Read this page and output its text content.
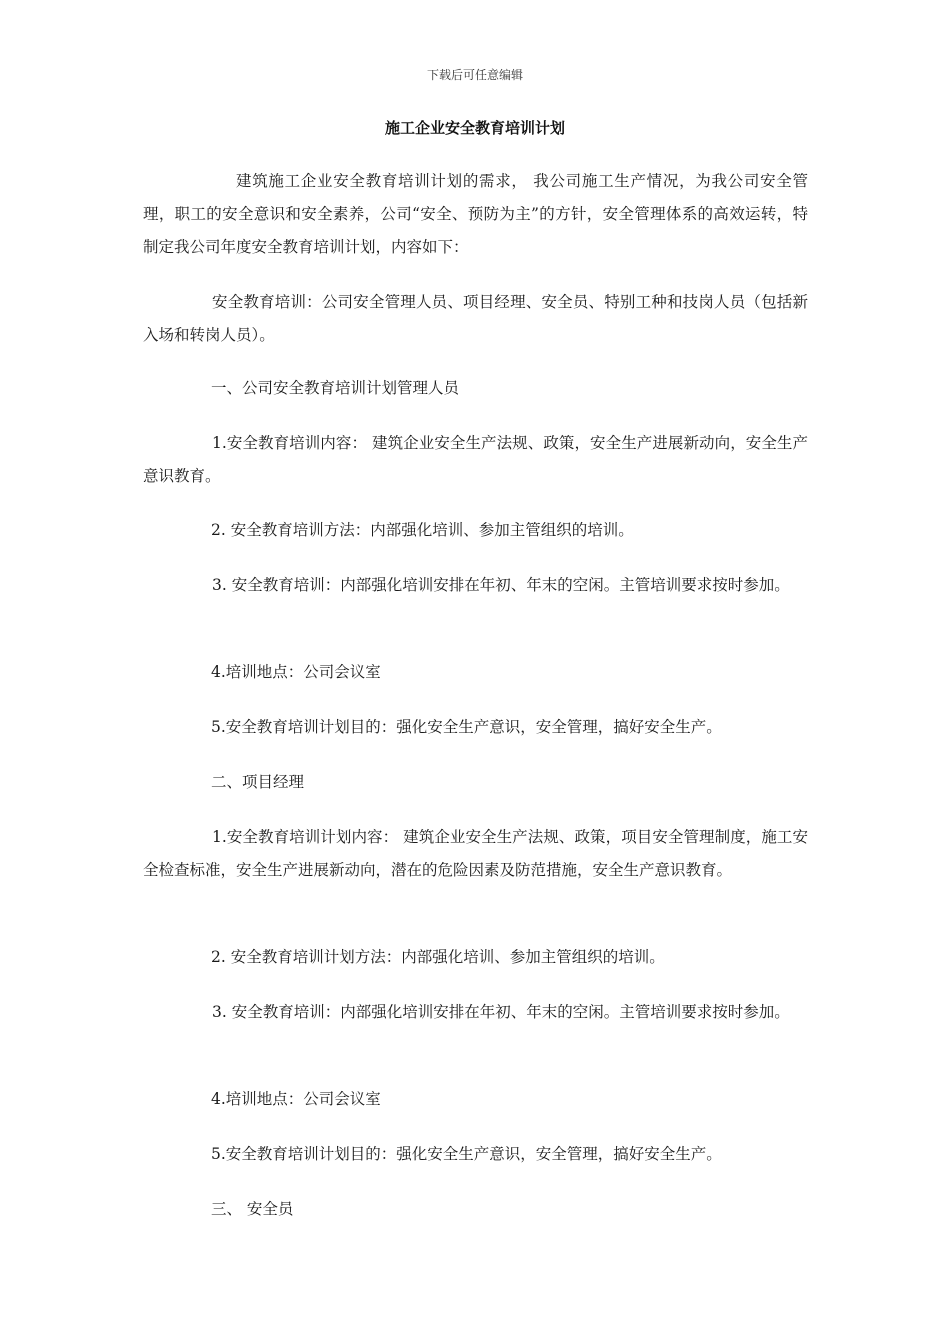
下载后可任意编辑
施工企业安全教育培训计划

建筑施工企业安全教育培训计划的需求， 我公司施工生产情况，为我公司安全管理，职工的安全意识和安全素养，公司“安全、预防为主”的方针，安全管理体系的高效运转，特制定我公司年度安全教育培训计划，内容如下：

安全教育培训：公司安全管理人员、项目经理、安全员、特别工种和技岗人员（包括新入场和转岗人员）。

一、公司安全教育培训计划管理人员

1.安全教育培训内容： 建筑企业安全生产法规、政策，安全生产进展新动向，安全生产意识教育。

2. 安全教育培训方法：内部强化培训、参加主管组织的培训。

3. 安全教育培训：内部强化培训安排在年初、年末的空闲。主管培训要求按时参加。

4.培训地点：公司会议室
5.安全教育培训计划目的：强化安全生产意识，安全管理，搞好安全生产。
二、项目经理

1.安全教育培训计划内容： 建筑企业安全生产法规、政策，项目安全管理制度，施工安全检查标准，安全生产进展新动向，潜在的危险因素及防范措施，安全生产意识教育。

2. 安全教育培训计划方法：内部强化培训、参加主管组织的培训。

3. 安全教育培训：内部强化培训安排在年初、年末的空闲。主管培训要求按时参加。

4.培训地点：公司会议室
5.安全教育培训计划目的：强化安全生产意识，安全管理，搞好安全生产。
三、 安全员
